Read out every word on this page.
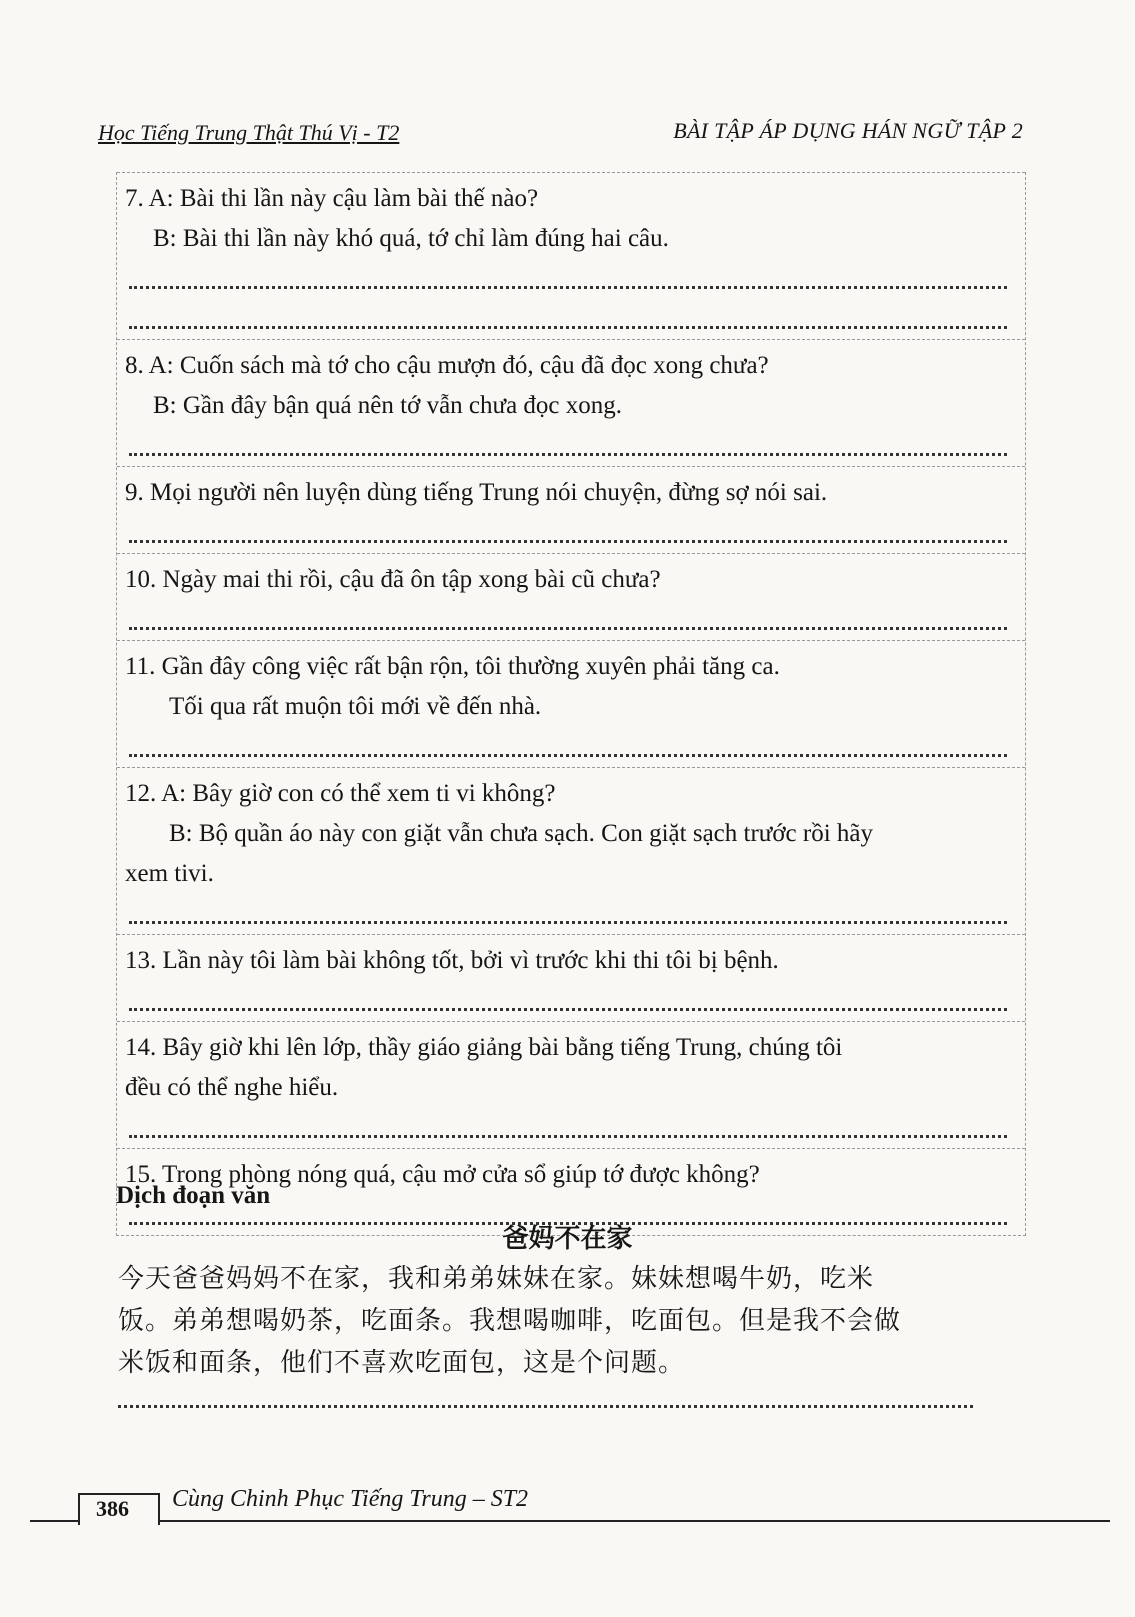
Học Tiếng Trung Thật Thú Vị - T2	BÀI TẬP ÁP DỤNG HÁN NGỮ TẬP 2
7. A: Bài thi lần này cậu làm bài thế nào?
B: Bài thi lần này khó quá, tớ chỉ làm đúng hai câu.
8. A: Cuốn sách mà tớ cho cậu mượn đó, cậu đã đọc xong chưa?
B: Gần đây bận quá nên tớ vẫn chưa đọc xong.
9. Mọi người nên luyện dùng tiếng Trung nói chuyện, đừng sợ nói sai.
10. Ngày mai thi rồi, cậu đã ôn tập xong bài cũ chưa?
11. Gần đây công việc rất bận rộn, tôi thường xuyên phải tăng ca.
Tối qua rất muộn tôi mới về đến nhà.
12. A: Bây giờ con có thể xem ti vi không?
B: Bộ quần áo này con giặt vẫn chưa sạch. Con giặt sạch trước rồi hãy
xem tivi.
13. Lần này tôi làm bài không tốt, bởi vì trước khi thi tôi bị bệnh.
14. Bây giờ khi lên lớp, thầy giáo giảng bài bằng tiếng Trung, chúng tôi
đều có thể nghe hiểu.
15. Trong phòng nóng quá, cậu mở cửa sổ giúp tớ được không?
Dịch đoạn văn
爸妈不在家
今天爸爸妈妈不在家，我和弟弟妹妹在家。妹妹想喝牛奶，吃米
饭。弟弟想喝奶茶，吃面条。我想喝咖啡，吃面包。但是我不会做
米饭和面条，他们不喜欢吃面包，这是个问题。
386 Cùng Chinh Phục Tiếng Trung – ST2
